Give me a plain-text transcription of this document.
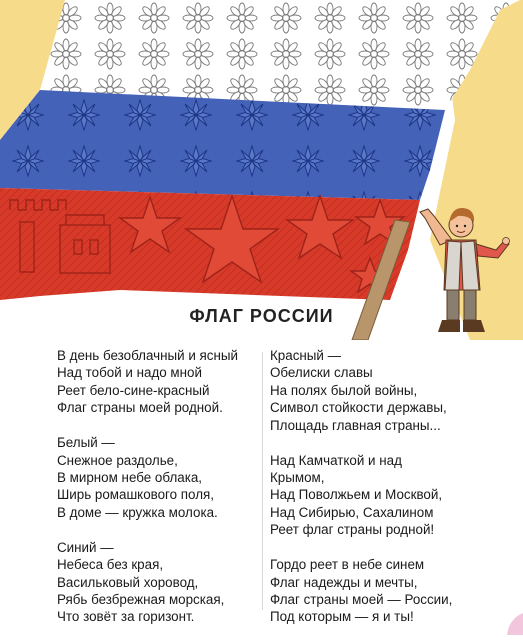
ФЛАГ РОССИИ
В день безоблачный и ясный
Над тобой и надо мной
Реет бело-сине-красный
Флаг страны моей родной.
Белый —
Снежное раздолье,
В мирном небе облака,
Ширь ромашкового поля,
В доме — кружка молока.
Синий —
Небеса без края,
Васильковый хоровод,
Рябь безбрежная морская,
Что зовёт за горизонт.
Красный —
Обелиски славы
На полях былой войны,
Символ стойкости державы,
Площадь главная страны...
Над Камчаткой и над
Крымом,
Над Поволжьем и Москвой,
Над Сибирью, Сахалином
Реет флаг страны родной!
Гордо реет в небе синем
Флаг надежды и мечты,
Флаг страны моей — России,
Под которым — я и ты!
